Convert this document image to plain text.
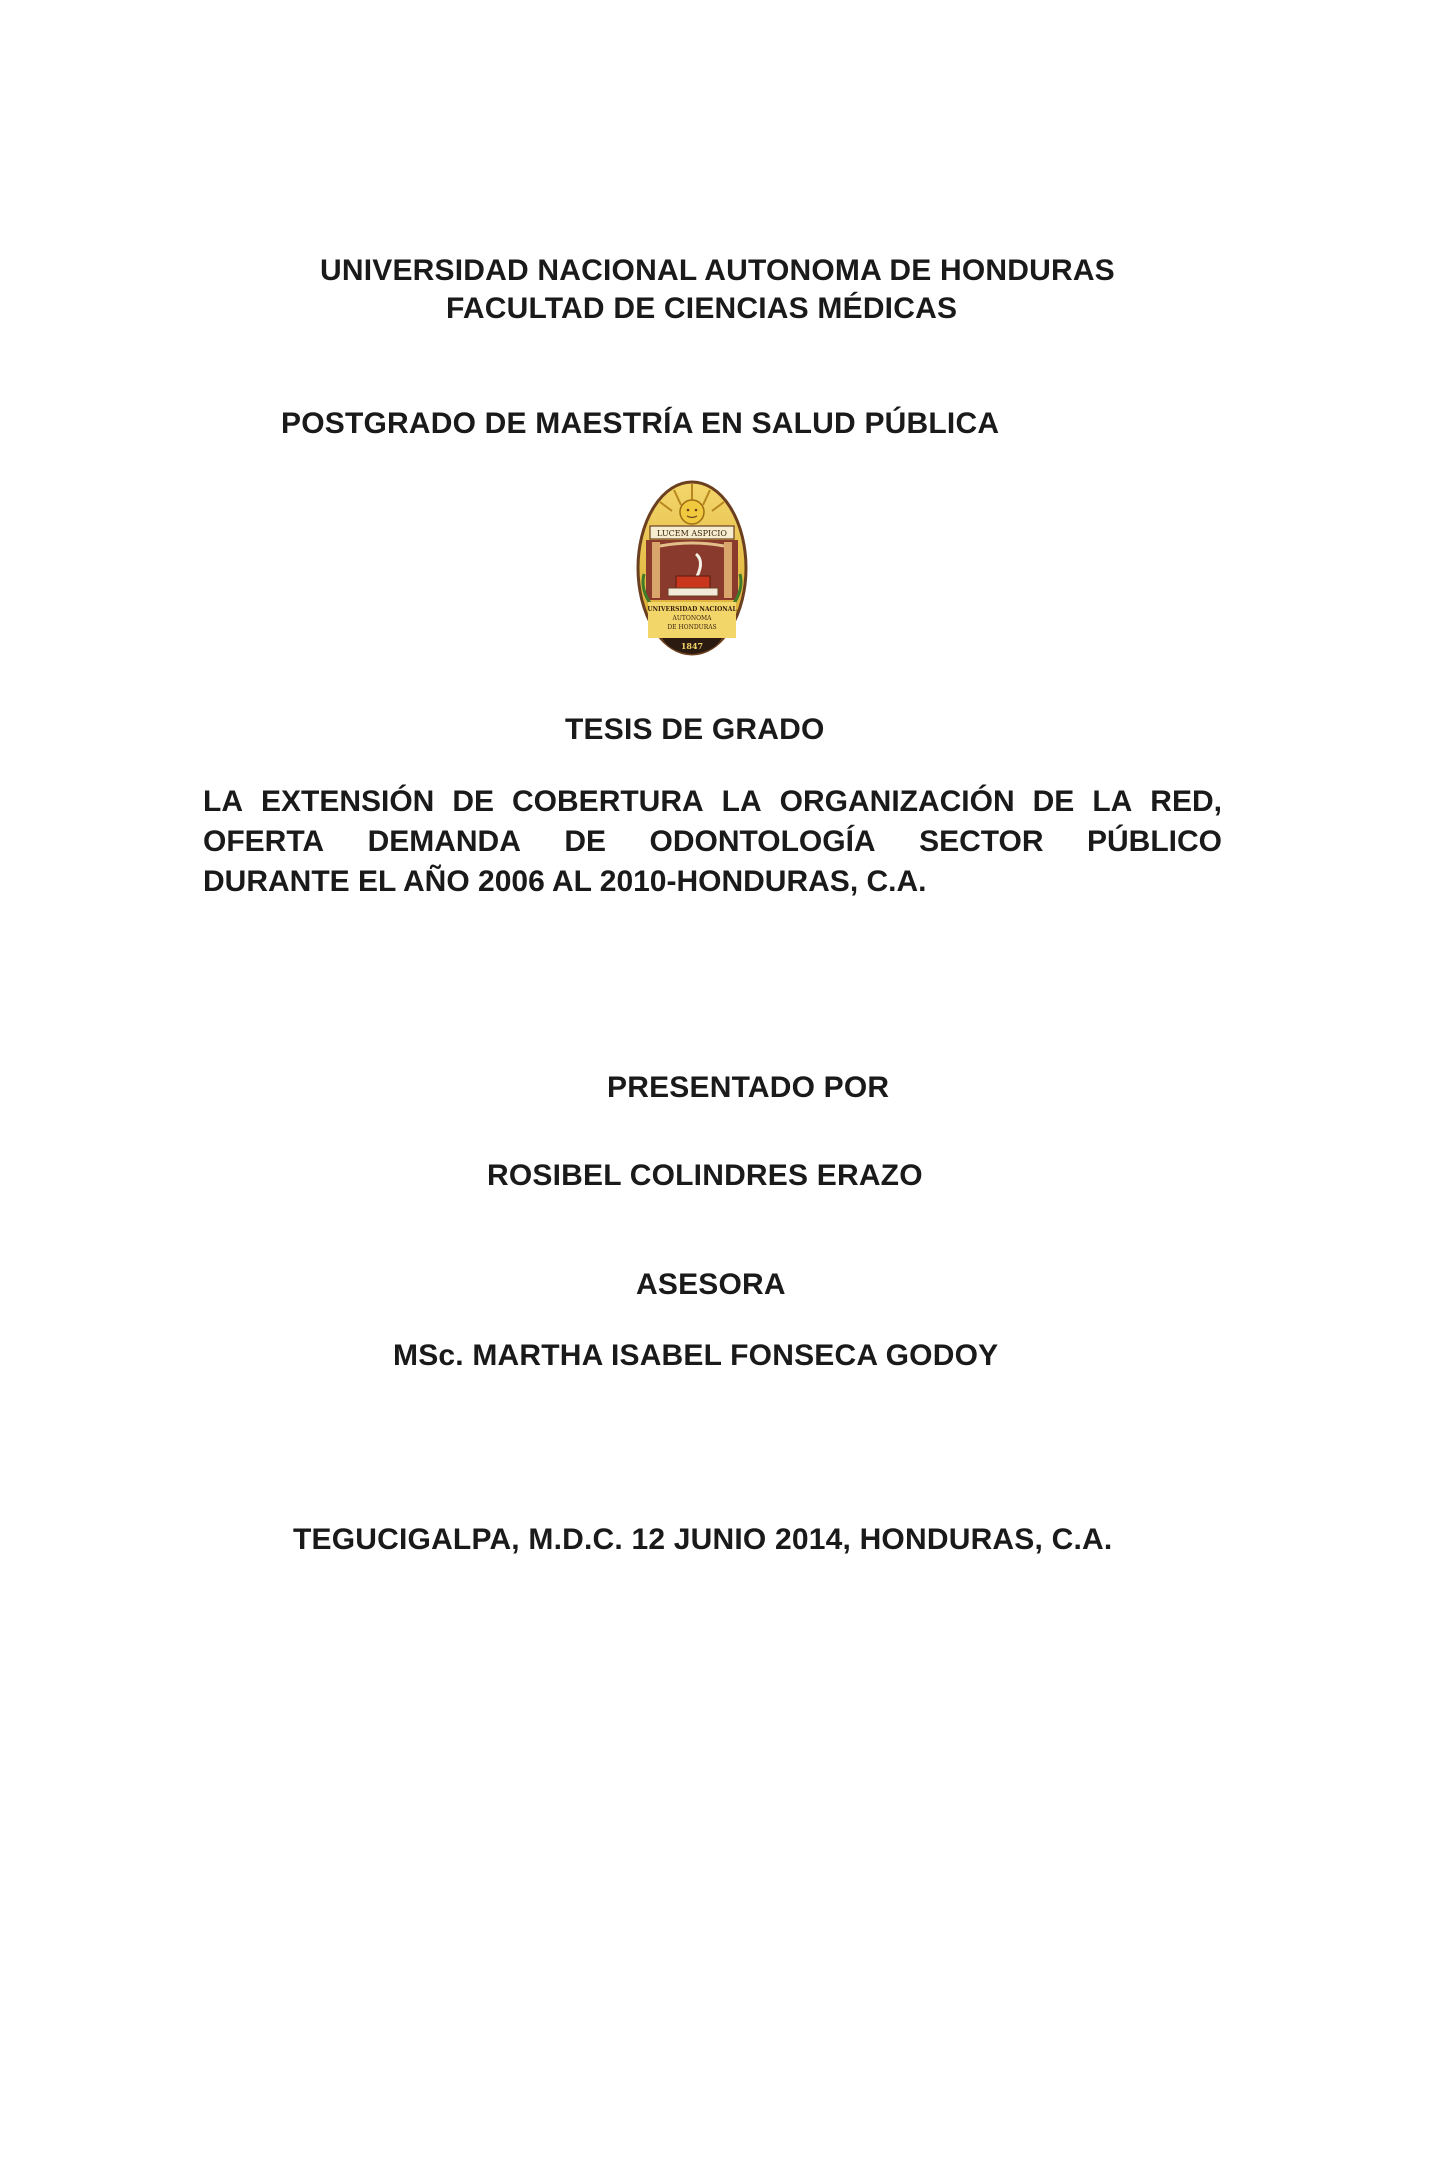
UNIVERSIDAD NACIONAL AUTONOMA DE HONDURAS
FACULTAD DE CIENCIAS MÉDICAS
POSTGRADO DE MAESTRÍA EN SALUD PÚBLICA
LUCEM ASPICIO
UNIVERSIDAD NACIONAL
AUTONOMA
DE HONDURAS
1847
TESIS DE GRADO
LA EXTENSIÓN DE COBERTURA LA ORGANIZACIÓN DE LA RED,
OFERTA DEMANDA DE ODONTOLOGÍA SECTOR PÚBLICO
DURANTE EL AÑO 2006 AL 2010-HONDURAS, C.A.
PRESENTADO POR
ROSIBEL COLINDRES ERAZO
ASESORA
MSc. MARTHA ISABEL FONSECA GODOY
TEGUCIGALPA, M.D.C. 12 JUNIO 2014, HONDURAS, C.A.
